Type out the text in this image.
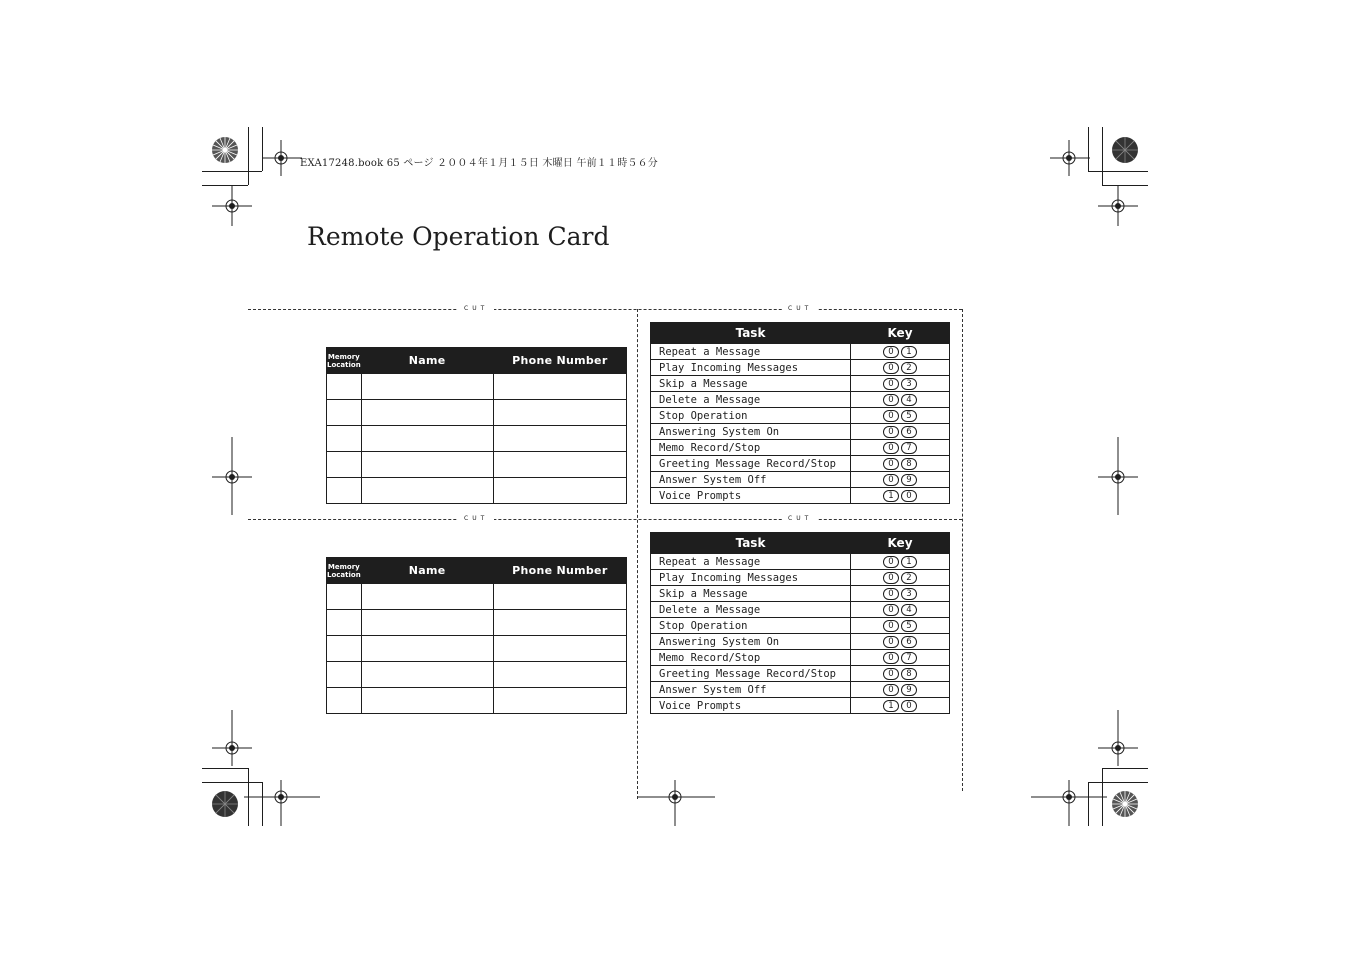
EXA17248.book 65 ページ ２００４年１月１５日 木曜日 午前１１時５６分
Remote Operation Card
CUT	CUT
CUT	CUT
Memory Location	Name	Phone Number

Memory Location	Name	Phone Number

Task	Key
Repeat a Message	0 1
Play Incoming Messages	0 2
Skip a Message	0 3
Delete a Message	0 4
Stop Operation	0 5
Answering System On	0 6
Memo Record/Stop	0 7
Greeting Message Record/Stop	0 8
Answer System Off	0 9
Voice Prompts	1 0
Task	Key
Repeat a Message	0 1
Play Incoming Messages	0 2
Skip a Message	0 3
Delete a Message	0 4
Stop Operation	0 5
Answering System On	0 6
Memo Record/Stop	0 7
Greeting Message Record/Stop	0 8
Answer System Off	0 9
Voice Prompts	1 0
